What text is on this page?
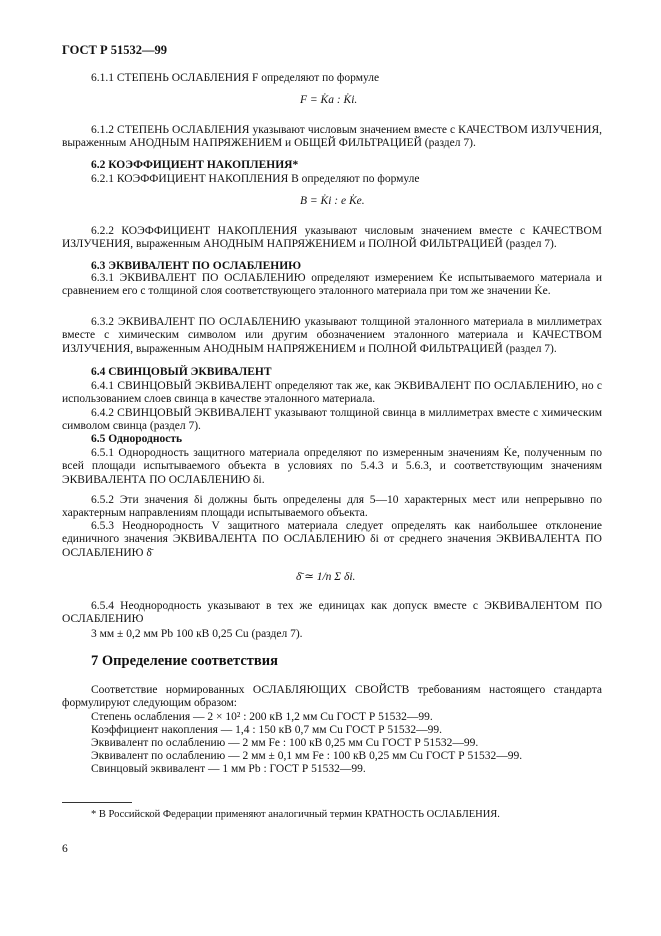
ГОСТ Р 51532—99
6.1.1 СТЕПЕНЬ ОСЛАБЛЕНИЯ F определяют по формуле
F = K̇a : K̇i.
6.1.2 СТЕПЕНЬ ОСЛАБЛЕНИЯ указывают числовым значением вместе с КАЧЕСТВОМ ИЗЛУЧЕНИЯ, выраженным АНОДНЫМ НАПРЯЖЕНИЕМ и ОБЩЕЙ ФИЛЬТРАЦИЕЙ (раздел 7).
6.2 КОЭФФИЦИЕНТ НАКОПЛЕНИЯ*
6.2.1 КОЭФФИЦИЕНТ НАКОПЛЕНИЯ B определяют по формуле
B = K̇i : e K̇e.
6.2.2 КОЭФФИЦИЕНТ НАКОПЛЕНИЯ указывают числовым значением вместе с КАЧЕСТВОМ ИЗЛУЧЕНИЯ, выраженным АНОДНЫМ НАПРЯЖЕНИЕМ и ПОЛНОЙ ФИЛЬТРАЦИЕЙ (раздел 7).
6.3 ЭКВИВАЛЕНТ ПО ОСЛАБЛЕНИЮ
6.3.1 ЭКВИВАЛЕНТ ПО ОСЛАБЛЕНИЮ определяют измерением K̇e испытываемого материала и сравнением его с толщиной слоя соответствующего эталонного материала при том же значении K̇e.
6.3.2 ЭКВИВАЛЕНТ ПО ОСЛАБЛЕНИЮ указывают толщиной эталонного материала в миллиметрах вместе с химическим символом или другим обозначением эталонного материала и КАЧЕСТВОМ ИЗЛУЧЕНИЯ, выраженным АНОДНЫМ НАПРЯЖЕНИЕМ и ПОЛНОЙ ФИЛЬТРАЦИЕЙ (раздел 7).
6.4 СВИНЦОВЫЙ ЭКВИВАЛЕНТ
6.4.1 СВИНЦОВЫЙ ЭКВИВАЛЕНТ определяют так же, как ЭКВИВАЛЕНТ ПО ОСЛАБЛЕНИЮ, но с использованием слоев свинца в качестве эталонного материала.
6.4.2 СВИНЦОВЫЙ ЭКВИВАЛЕНТ указывают толщиной свинца в миллиметрах вместе с химическим символом свинца (раздел 7).
6.5 Однородность
6.5.1 Однородность защитного материала определяют по измеренным значениям K̇e, полученным по всей площади испытываемого объекта в условиях по 5.4.3 и 5.6.3, и соответствующим значениям ЭКВИВАЛЕНТА ПО ОСЛАБЛЕНИЮ δi.
6.5.2 Эти значения δi должны быть определены для 5—10 характерных мест или непрерывно по характерным направлениям площади испытываемого объекта.
6.5.3 Неоднородность V защитного материала следует определять как наибольшее отклонение единичного значения ЭКВИВАЛЕНТА ПО ОСЛАБЛЕНИЮ δi от среднего значения ЭКВИВАЛЕНТА ПО ОСЛАБЛЕНИЮ δ̄
δ̄ ≃ 1/n Σ δi.
6.5.4 Неоднородность указывают в тех же единицах как допуск вместе с ЭКВИВАЛЕНТОМ ПО ОСЛАБЛЕНИЮ
3 мм ± 0,2 мм Pb 100 кВ 0,25 Cu (раздел 7).
7 Определение соответствия
Соответствие нормированных ОСЛАБЛЯЮЩИХ СВОЙСТВ требованиям настоящего стандарта формулируют следующим образом:
Степень ослабления — 2 × 10² : 200 кВ 1,2 мм Cu ГОСТ Р 51532—99.
Коэффициент накопления — 1,4 : 150 кВ 0,7 мм Cu ГОСТ Р 51532—99.
Эквивалент по ослаблению — 2 мм Fe : 100 кВ 0,25 мм Cu ГОСТ Р 51532—99.
Эквивалент по ослаблению — 2 мм ± 0,1 мм Fe : 100 кВ 0,25 мм Cu ГОСТ Р 51532—99.
Свинцовый эквивалент — 1 мм Pb : ГОСТ Р 51532—99.
* В Российской Федерации применяют аналогичный термин КРАТНОСТЬ ОСЛАБЛЕНИЯ.
6
